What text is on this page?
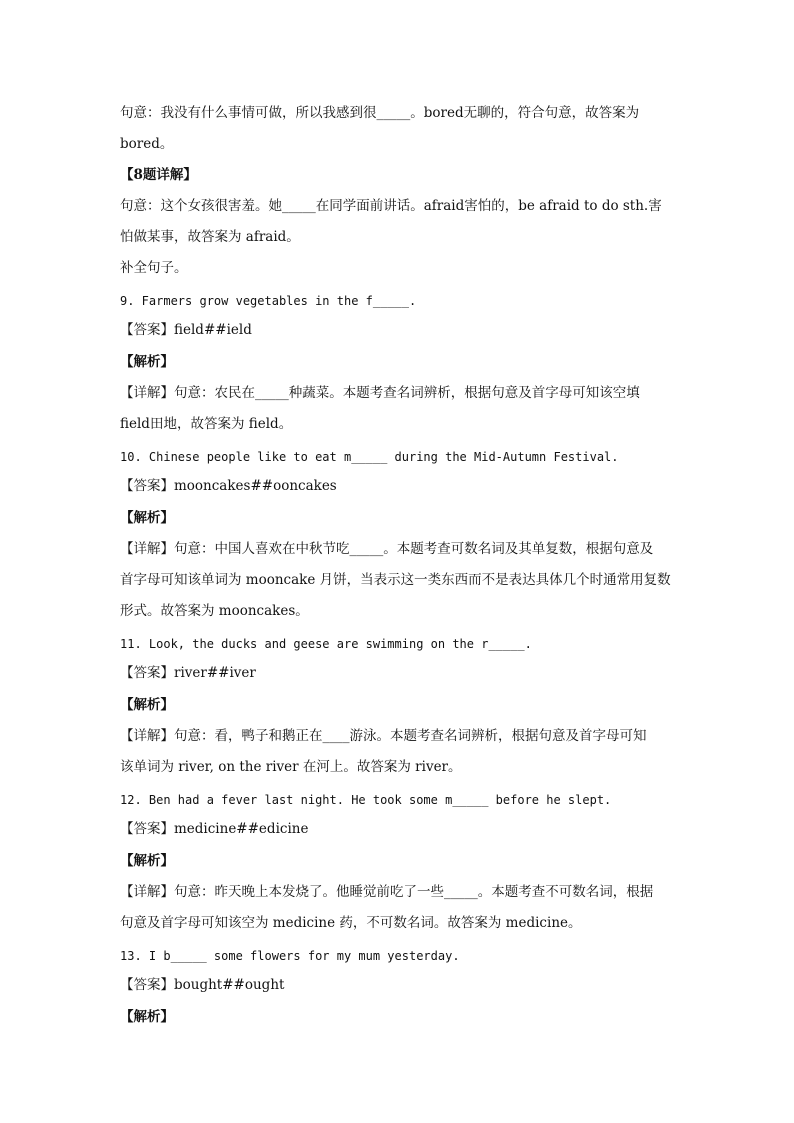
句意：我没有什么事情可做，所以我感到很_____。bored无聊的，符合句意，故答案为
bored。
【8题详解】
句意：这个女孩很害羞。她_____在同学面前讲话。afraid害怕的，be afraid to do sth.害
怕做某事，故答案为 afraid。
补全句子。
9. Farmers grow vegetables in the f_____.
【答案】field##ield
【解析】
【详解】句意：农民在_____种蔬菜。本题考查名词辨析，根据句意及首字母可知该空填
field田地，故答案为 field。
10. Chinese people like to eat m_____ during the Mid-Autumn Festival.
【答案】mooncakes##ooncakes
【解析】
【详解】句意：中国人喜欢在中秋节吃_____。本题考查可数名词及其单复数，根据句意及
首字母可知该单词为 mooncake 月饼，当表示这一类东西而不是表达具体几个时通常用复数
形式。故答案为 mooncakes。
11. Look, the ducks and geese are swimming on the r_____.
【答案】river##iver
【解析】
【详解】句意：看，鸭子和鹅正在____游泳。本题考查名词辨析，根据句意及首字母可知
该单词为 river, on the river 在河上。故答案为 river。
12. Ben had a fever last night. He took some m_____ before he slept.
【答案】medicine##edicine
【解析】
【详解】句意：昨天晚上本发烧了。他睡觉前吃了一些_____。本题考查不可数名词，根据
句意及首字母可知该空为 medicine 药，不可数名词。故答案为 medicine。
13. I b_____ some flowers for my mum yesterday.
【答案】bought##ought
【解析】
